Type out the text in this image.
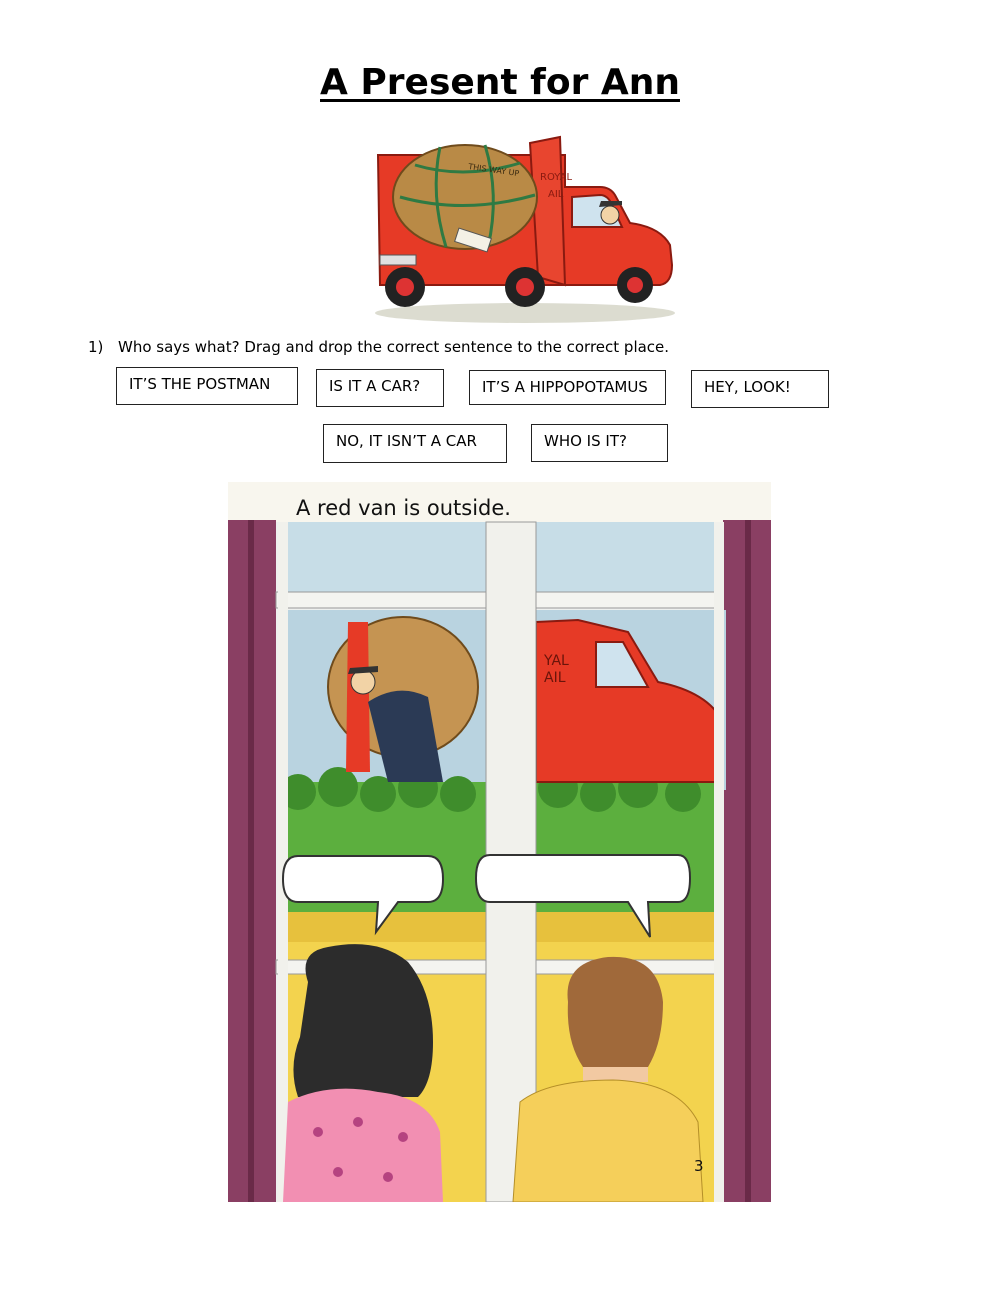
A Present for Ann
THIS WAY UP ROYAL
AIL
1) Who says what? Drag and drop the correct sentence to the correct place.
IT’S THE POSTMAN	IS IT A CAR?	IT’S A HIPPOPOTAMUS	HEY, LOOK!
NO, IT ISN’T A CAR	WHO IS IT?
YAL
AIL
A red van is outside.
3
